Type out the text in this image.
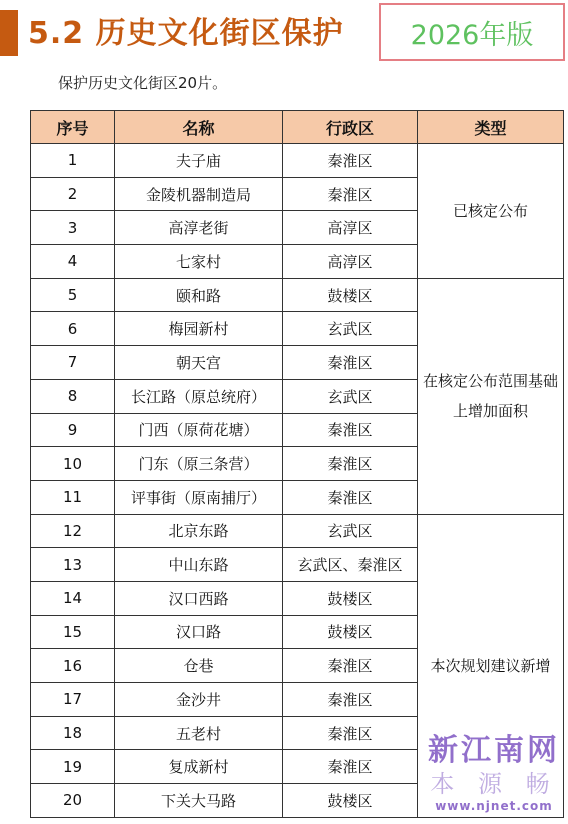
5.2 历史文化街区保护	2026年版
保护历史文化街区20片。
序号	名称	行政区	类型
1	夫子庙	秦淮区	已核定公布
2	金陵机器制造局	秦淮区	
3	高淳老街	高淳区	
4	七家村	高淳区	
5	颐和路	鼓楼区	在核定公布范围基础上增加面积
6	梅园新村	玄武区	
7	朝天宫	秦淮区	
8	长江路（原总统府）	玄武区	
9	门西（原荷花塘）	秦淮区	
10	门东（原三条营）	秦淮区	
11	评事街（原南捕厅）	秦淮区	
12	北京东路	玄武区	本次规划建议新增
13	中山东路	玄武区、秦淮区	
14	汉口西路	鼓楼区	
15	汉口路	鼓楼区	
16	仓巷	秦淮区	
17	金沙井	秦淮区	
18	五老村	秦淮区	
19	复成新村	秦淮区	
20	下关大马路	鼓楼区	
新江南网
本 源 畅
www.njnet.com
